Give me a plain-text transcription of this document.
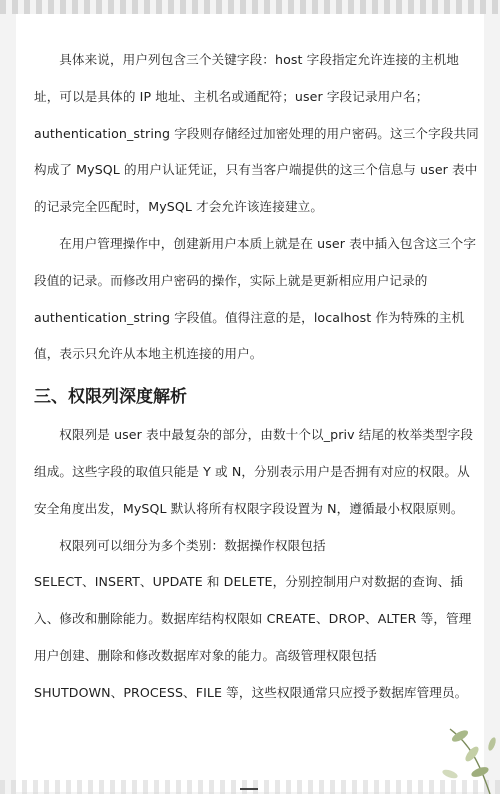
具体来说，用户列包含三个关键字段：host 字段指定允许连接的主机地

址，可以是具体的 IP 地址、主机名或通配符；user 字段记录用户名；

authentication_string 字段则存储经过加密处理的用户密码。这三个字段共同

构成了 MySQL 的用户认证凭证，只有当客户端提供的这三个信息与 user 表中

的记录完全匹配时，MySQL 才会允许该连接建立。

在用户管理操作中，创建新用户本质上就是在 user 表中插入包含这三个字

段值的记录。而修改用户密码的操作，实际上就是更新相应用户记录的

authentication_string 字段值。值得注意的是，localhost 作为特殊的主机

值，表示只允许从本地主机连接的用户。

三、权限列深度解析

权限列是 user 表中最复杂的部分，由数十个以_priv 结尾的枚举类型字段

组成。这些字段的取值只能是 Y 或 N，分别表示用户是否拥有对应的权限。从

安全角度出发，MySQL 默认将所有权限字段设置为 N，遵循最小权限原则。

权限列可以细分为多个类别：数据操作权限包括

SELECT、INSERT、UPDATE 和 DELETE，分别控制用户对数据的查询、插

入、修改和删除能力。数据库结构权限如 CREATE、DROP、ALTER 等，管理

用户创建、删除和修改数据库对象的能力。高级管理权限包括

SHUTDOWN、PROCESS、FILE 等，这些权限通常只应授予数据库管理员。
